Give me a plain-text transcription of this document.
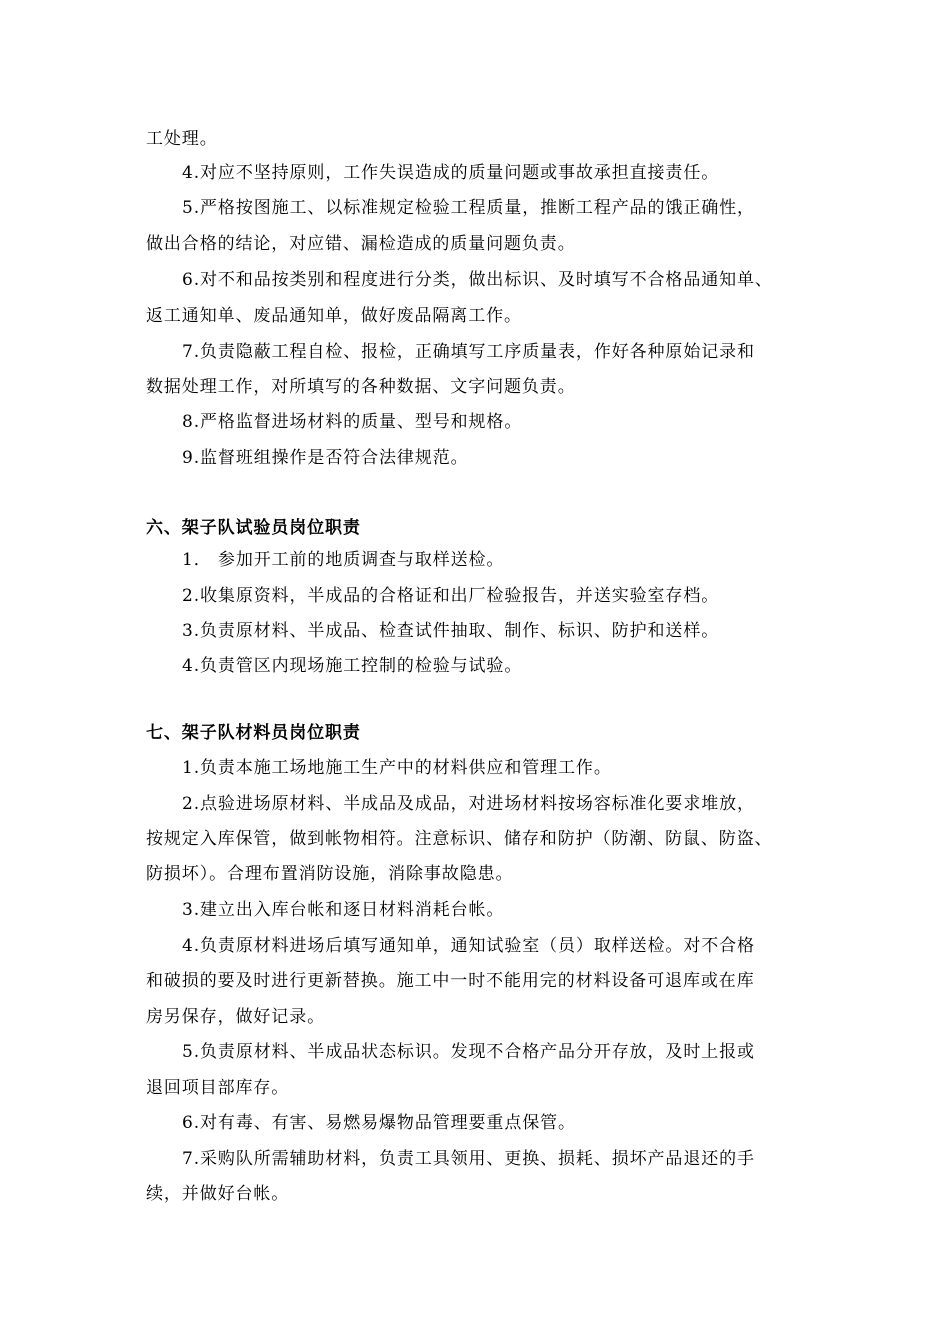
工处理。
4.对应不坚持原则，工作失误造成的质量问题或事故承担直接责任。
5.严格按图施工、以标准规定检验工程质量，推断工程产品的饿正确性，
做出合格的结论，对应错、漏检造成的质量问题负责。
6.对不和品按类别和程度进行分类，做出标识、及时填写不合格品通知单、
返工通知单、废品通知单，做好废品隔离工作。
7.负责隐蔽工程自检、报检，正确填写工序质量表，作好各种原始记录和
数据处理工作，对所填写的各种数据、文字问题负责。
8.严格监督进场材料的质量、型号和规格。
9.监督班组操作是否符合法律规范。
六、架子队试验员岗位职责
1． 参加开工前的地质调查与取样送检。
2.收集原资料，半成品的合格证和出厂检验报告，并送实验室存档。
3.负责原材料、半成品、检查试件抽取、制作、标识、防护和送样。
4.负责管区内现场施工控制的检验与试验。
七、架子队材料员岗位职责
1.负责本施工场地施工生产中的材料供应和管理工作。
2.点验进场原材料、半成品及成品，对进场材料按场容标准化要求堆放，
按规定入库保管，做到帐物相符。注意标识、储存和防护（防潮、防鼠、防盗、
防损坏）。合理布置消防设施，消除事故隐患。
3.建立出入库台帐和逐日材料消耗台帐。
4.负责原材料进场后填写通知单，通知试验室（员）取样送检。对不合格
和破损的要及时进行更新替换。施工中一时不能用完的材料设备可退库或在库
房另保存，做好记录。
5.负责原材料、半成品状态标识。发现不合格产品分开存放，及时上报或
退回项目部库存。
6.对有毒、有害、易燃易爆物品管理要重点保管。
7.采购队所需辅助材料，负责工具领用、更换、损耗、损坏产品退还的手
续，并做好台帐。
